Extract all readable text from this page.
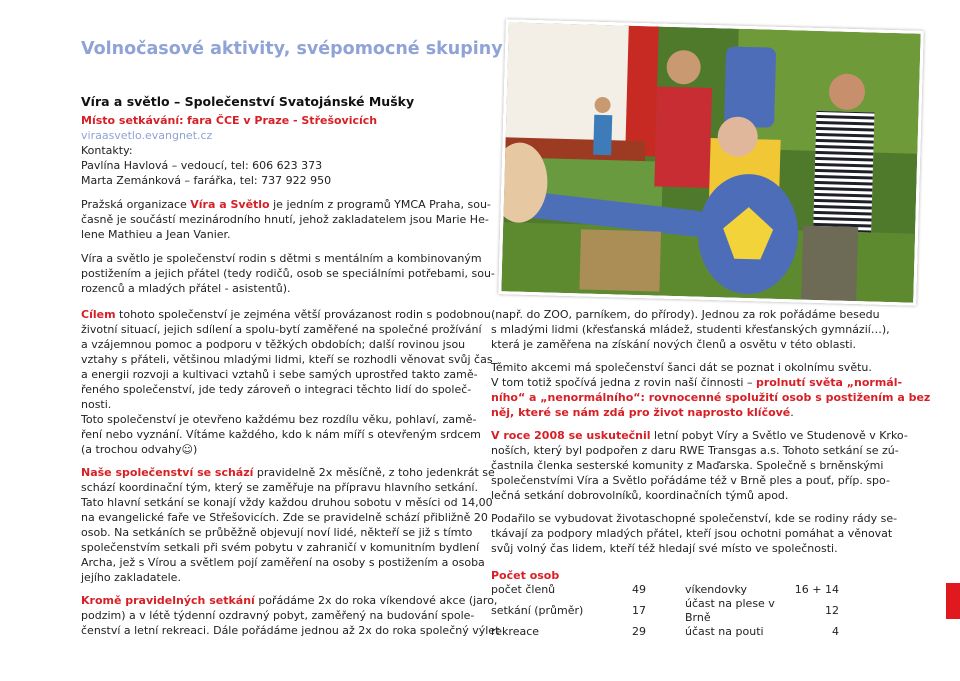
Volnočasové aktivity, svépomocné skupiny
Víra a světlo – Společenství Svatojánské Mušky

Místo setkávání: fara ČCE v Praze - Střešovicích

viraasvetlo.evangnet.cz

Kontakty:

Pavlína Havlová – vedoucí, tel: 606 623 373

Marta Zemánková – farářka, tel: 737 922 950

Pražská organizace Víra a Světlo je jedním z programů YMCA Praha, sou-

časně je součástí mezinárodního hnutí, jehož zakladatelem jsou Marie He-

lene Mathieu a Jean Vanier.

Víra a světlo je společenství rodin s dětmi s mentálním a kombinovaným

postižením a jejich přátel (tedy rodičů, osob se speciálními potřebami, sou-

rozenců a mladých přátel - asistentů).

Cílem tohoto společenství je zejména větší provázanost rodin s podobnou

životní situací, jejich sdílení a spolu-bytí zaměřené na společné prožívání

a vzájemnou pomoc a podporu v těžkých obdobích; další rovinou jsou

vztahy s přáteli, většinou mladými lidmi, kteří se rozhodli věnovat svůj čas

a energii rozvoji a kultivaci vztahů i sebe samých uprostřed takto zamě-

řeného společenství, jde tedy zároveň o integraci těchto lidí do společ-

nosti.

Toto společenství je otevřeno každému bez rozdílu věku, pohlaví, zamě-

ření nebo vyznání. Vítáme každého, kdo k nám míří s otevřeným srdcem

(a trochou odvahy☺)

Naše společenství se schází pravidelně 2x měsíčně, z toho jedenkrát se

schází koordinační tým, který se zaměřuje na přípravu hlavního setkání.

Tato hlavní setkání se konají vždy každou druhou sobotu v měsíci od 14,00

na evangelické faře ve Střešovicích. Zde se pravidelně schází přibližně 20

osob. Na setkáních se průběžně objevují noví lidé, někteří se již s tímto

společenstvím setkali při svém pobytu v zahraničí v komunitním bydlení

Archa, jež s Vírou a světlem pojí zaměření na osoby s postižením a osoba

jejího zakladatele.

Kromě pravidelných setkání pořádáme 2x do roka víkendové akce (jaro,

podzim) a v létě týdenní ozdravný pobyt, zaměřený na budování spole-

čenství a letní rekreaci. Dále pořádáme jednou až 2x do roka společný výlet

(např. do ZOO, parníkem, do přírody). Jednou za rok pořádáme besedu

s mladými lidmi (křesťanská mládež, studenti křesťanských gymnázií…),

která je zaměřena na získání nových členů a osvětu v této oblasti.

Těmito akcemi má společenství šanci dát se poznat i okolnímu světu.

V tom totiž spočívá jedna z rovin naší činnosti – prolnutí světa „normál-

ního“ a „nenormálního“: rovnocenné spolužití osob s postižením a bez

něj, které se nám zdá pro život naprosto klíčové.

V roce 2008 se uskutečnil letní pobyt Víry a Světlo ve Studenově v Krko-

noších, který byl podpořen z daru RWE Transgas a.s. Tohoto setkání se zú-

častnila členka sesterské komunity z Maďarska. Společně s brněnskými

společenstvími Víra a Světlo pořádáme též v Brně ples a pouť, příp. spo-

lečná setkání dobrovolníků, koordinačních týmů apod.

Podařilo se vybudovat životaschopné společenství, kde se rodiny rády se-

tkávají za podpory mladých přátel, kteří jsou ochotni pomáhat a věnovat

svůj volný čas lidem, kteří též hledají své místo ve společnosti.

Počet osob

počet členů	49		víkendovky	16 + 14
setkání (průměr)	17		účast na plese v Brně	12
rekreace	29		účast na pouti	4
